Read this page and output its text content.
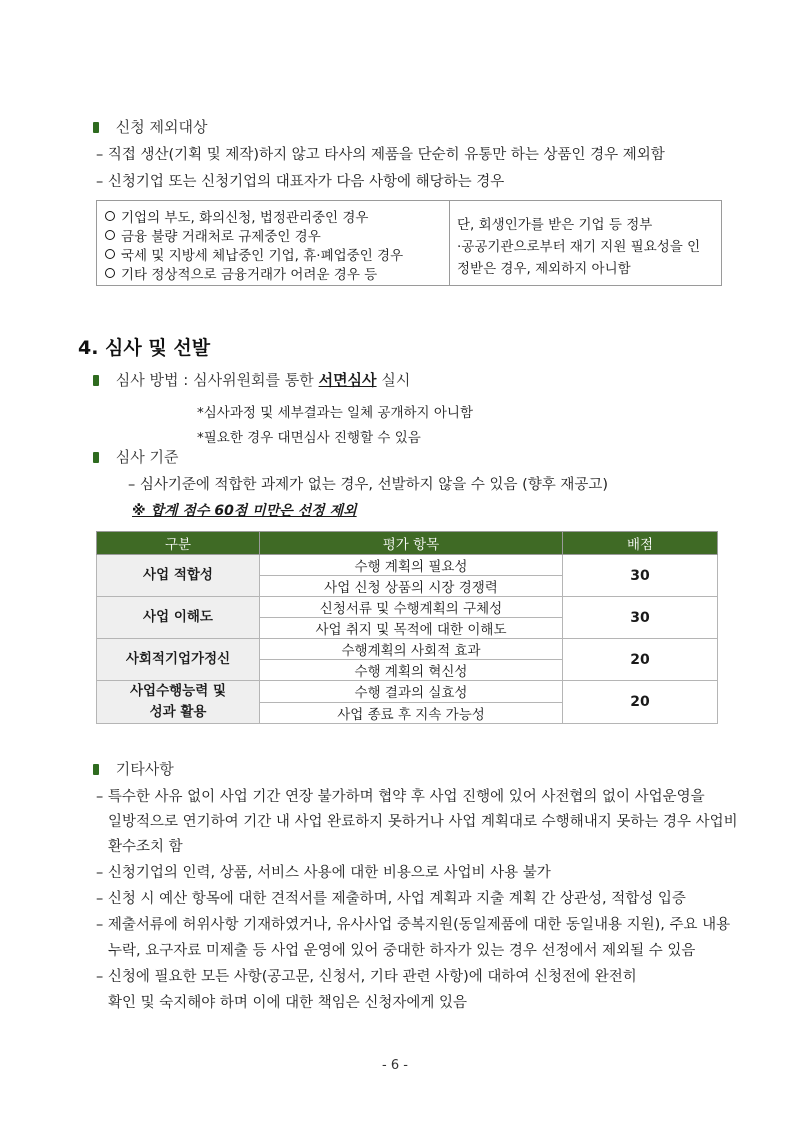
신청 제외대상
– 직접 생산(기획 및 제작)하지 않고 타사의 제품을 단순히 유통만 하는 상품인 경우 제외함
– 신청기업 또는 신청기업의 대표자가 다음 사항에 해당하는 경우
기업의 부도, 화의신청, 법정관리중인 경우
금융 불량 거래처로 규제중인 경우
국세 및 지방세 체납중인 기업, 휴·폐업중인 경우
기타 정상적으로 금융거래가 어려운 경우 등
단, 회생인가를 받은 기업 등 정부
·공공기관으로부터 재기 지원 필요성을 인
정받은 경우, 제외하지 아니함
4. 심사 및 선발
심사 방법 : 심사위원회를 통한 서면심사 실시
*심사과정 및 세부결과는 일체 공개하지 아니함
*필요한 경우 대면심사 진행할 수 있음
심사 기준
– 심사기준에 적합한 과제가 없는 경우, 선발하지 않을 수 있음 (향후 재공고)
※ 합계 점수 60점 미만은 선정 제외
구분	평가 항목	배점
사업 적합성	수행 계획의 필요성	30
	사업 신청 상품의 시장 경쟁력	
사업 이해도	신청서류 및 수행계획의 구체성	30
	사업 취지 및 목적에 대한 이해도	
사회적기업가정신	수행계획의 사회적 효과	20
	수행 계획의 혁신성	

사업수행능력 및
성과 활용	수행 결과의 실효성	20
	사업 종료 후 지속 가능성	
기타사항
– 특수한 사유 없이 사업 기간 연장 불가하며 협약 후 사업 진행에 있어 사전협의 없이 사업운영을
일방적으로 연기하여 기간 내 사업 완료하지 못하거나 사업 계획대로 수행해내지 못하는 경우 사업비
환수조치 함
– 신청기업의 인력, 상품, 서비스 사용에 대한 비용으로 사업비 사용 불가
– 신청 시 예산 항목에 대한 견적서를 제출하며, 사업 계획과 지출 계획 간 상관성, 적합성 입증
– 제출서류에 허위사항 기재하였거나, 유사사업 중복지원(동일제품에 대한 동일내용 지원), 주요 내용
누락, 요구자료 미제출 등 사업 운영에 있어 중대한 하자가 있는 경우 선정에서 제외될 수 있음
– 신청에 필요한 모든 사항(공고문, 신청서, 기타 관련 사항)에 대하여 신청전에 완전히
확인 및 숙지해야 하며 이에 대한 책임은 신청자에게 있음
- 6 -
